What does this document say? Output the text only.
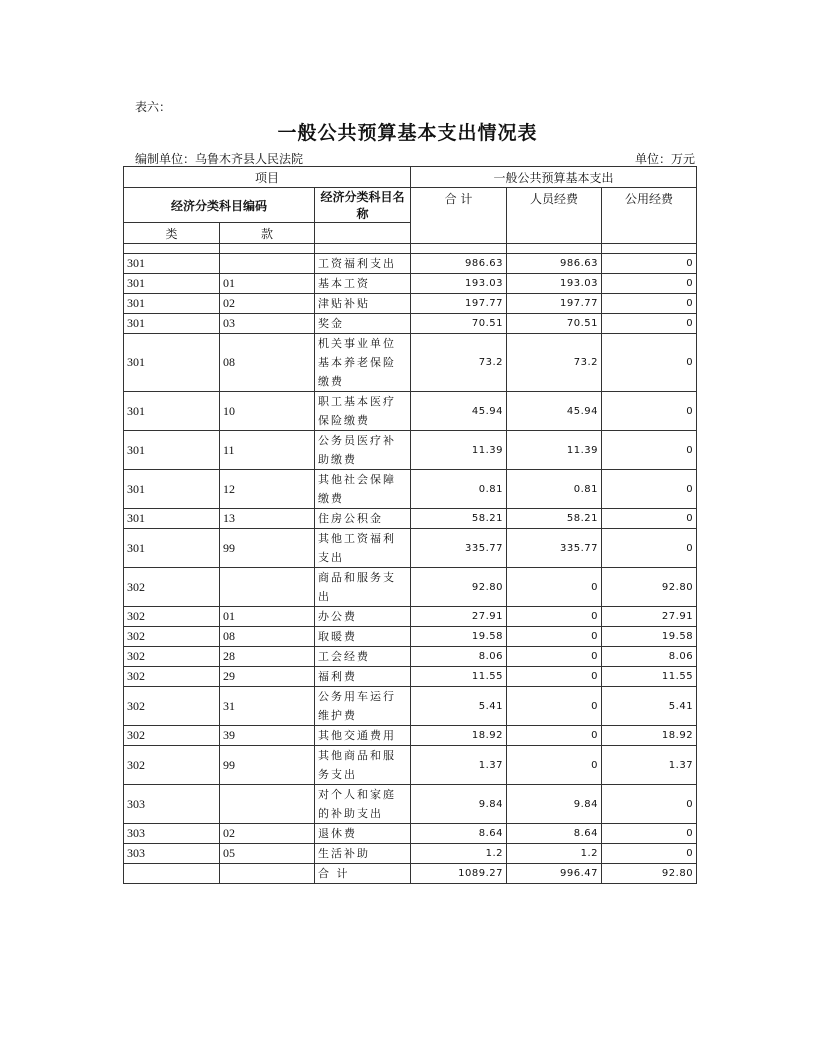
表六：
一般公共预算基本支出情况表
编制单位：乌鲁木齐县人民法院	单位：万元
项目			一般公共预算基本支出		
经济分类科目编码		经济分类科目名称	合 计	人员经费	公用经费

类	款				

301		工资福利支出	986.63	986.63	0
301	01	基本工资	193.03	193.03	0
301	02	津贴补贴	197.77	197.77	0
301	03	奖金	70.51	70.51	0
301	08	机关事业单位基本养老保险缴费	73.2	73.2	0
301	10	职工基本医疗保险缴费	45.94	45.94	0
301	11	公务员医疗补助缴费	11.39	11.39	0
301	12	其他社会保障缴费	0.81	0.81	0
301	13	住房公积金	58.21	58.21	0
301	99	其他工资福利支出	335.77	335.77	0
302		商品和服务支出	92.80	0	92.80
302	01	办公费	27.91	0	27.91
302	08	取暖费	19.58	0	19.58
302	28	工会经费	8.06	0	8.06
302	29	福利费	11.55	0	11.55
302	31	公务用车运行维护费	5.41	0	5.41
302	39	其他交通费用	18.92	0	18.92
302	99	其他商品和服务支出	1.37	0	1.37
303		对个人和家庭的补助支出	9.84	9.84	0
303	02	退休费	8.64	8.64	0
303	05	生活补助	1.2	1.2	0
		合 计	1089.27	996.47	92.80
